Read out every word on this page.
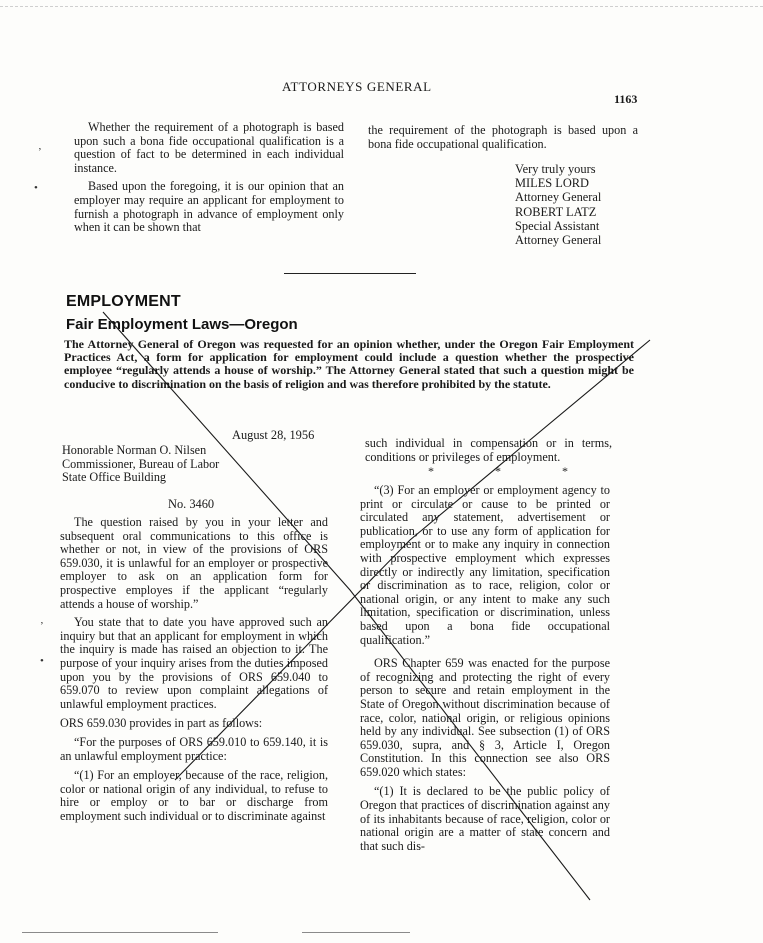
ATTORNEYS GENERAL
1163

Whether the requirement of a photograph is based upon such a bona fide occupational qualification is a question of fact to be determined in each individual instance.

Based upon the foregoing, it is our opinion that an employer may require an applicant for employment to furnish a photograph in advance of employment only when it can be shown that

the requirement of the photograph is based upon a bona fide occupational qualification.

Very truly yours
MILES LORD
Attorney General
ROBERT LATZ
Special Assistant
Attorney General
EMPLOYMENT
Fair Employment Laws—Oregon
The Attorney General of Oregon was requested for an opinion whether, under the Oregon Fair Employment Practices Act, a form for application for employment could include a question whether the prospective employee “regularly attends a house of worship.” The Attorney General stated that such a question might be conducive to discrimination on the basis of religion and was therefore prohibited by the statute.
August 28, 1956
Honorable Norman O. Nilsen
Commissioner, Bureau of Labor
State Office Building
No. 3460

The question raised by you in your letter and subsequent oral communications to this office is whether or not, in view of the provisions of ORS 659.030, it is unlawful for an employer or prospective employer to ask on an application form for prospective employes if the applicant “regularly attends a house of worship.”

You state that to date you have approved such an inquiry but that an applicant for employment in which the inquiry is made has raised an objection to it. The purpose of your inquiry arises from the duties imposed upon you by the provisions of ORS 659.040 to 659.070 to review upon complaint allegations of unlawful employment practices.

ORS 659.030 provides in part as follows:

“For the purposes of ORS 659.010 to 659.140, it is an unlawful employment practice:

“(1) For an employer, because of the race, religion, color or national origin of any individual, to refuse to hire or employ or to bar or discharge from employment such individual or to discriminate against

such individual in compensation or in terms, conditions or privileges of employment.

*	*	*

“(3) For an employer or employment agency to print or circulate or cause to be printed or circulated any statement, advertisement or publication, or to use any form of application for employment or to make any inquiry in connection with prospective employment which expresses directly or indirectly any limitation, specification or discrimination as to race, religion, color or national origin, or any intent to make any such limitation, specification or discrimination, unless based upon a bona fide occupational qualification.”

ORS Chapter 659 was enacted for the purpose of recognizing and protecting the right of every person to secure and retain employment in the State of Oregon without discrimination because of race, color, national origin, or religious opinions held by any individual. See subsection (1) of ORS 659.030, supra, and § 3, Article I, Oregon Constitution. In this connection see also ORS 659.020 which states:

“(1) It is declared to be the public policy of Oregon that practices of discrimination against any of its inhabitants because of race, religion, color or national origin are a matter of state concern and that such dis-

’
•
’
•
